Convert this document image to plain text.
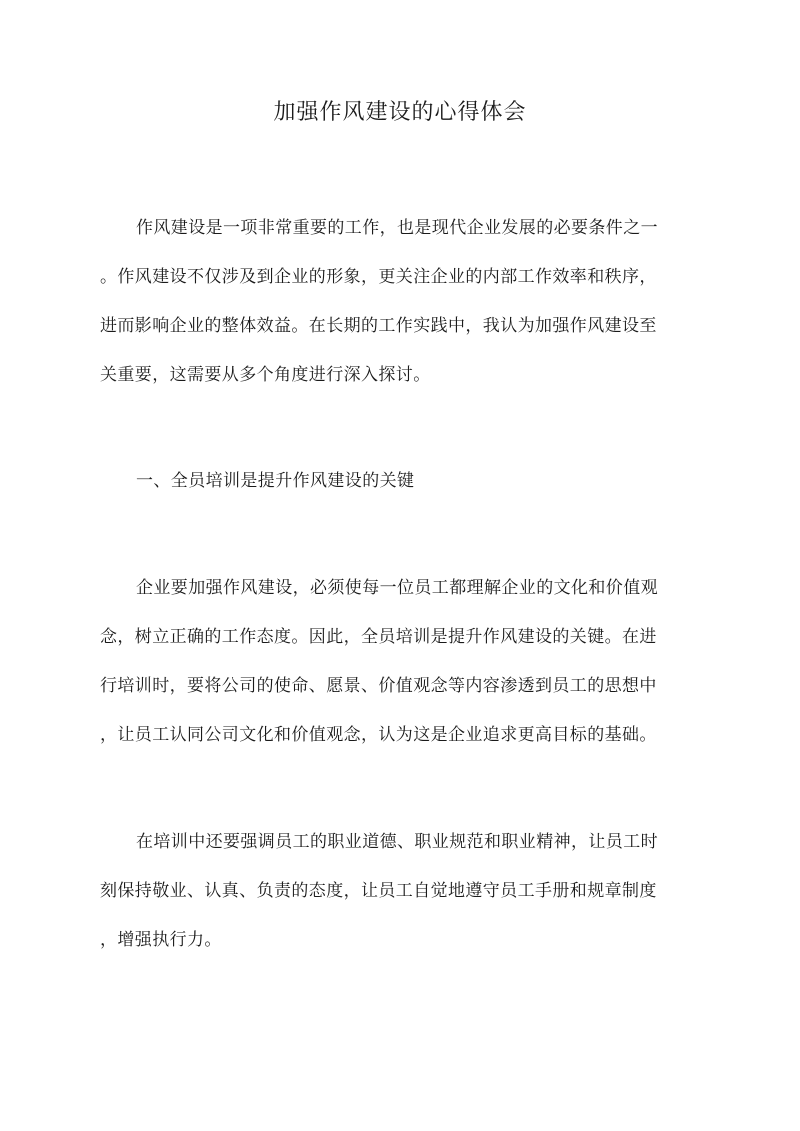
加强作风建设的心得体会

作风建设是一项非常重要的工作，也是现代企业发展的必要条件之一
。作风建设不仅涉及到企业的形象，更关注企业的内部工作效率和秩序，
进而影响企业的整体效益。在长期的工作实践中，我认为加强作风建设至
关重要，这需要从多个角度进行深入探讨。

一、全员培训是提升作风建设的关键

企业要加强作风建设，必须使每一位员工都理解企业的文化和价值观
念，树立正确的工作态度。因此，全员培训是提升作风建设的关键。在进
行培训时，要将公司的使命、愿景、价值观念等内容渗透到员工的思想中
，让员工认同公司文化和价值观念，认为这是企业追求更高目标的基础。

在培训中还要强调员工的职业道德、职业规范和职业精神，让员工时
刻保持敬业、认真、负责的态度，让员工自觉地遵守员工手册和规章制度
，增强执行力。
